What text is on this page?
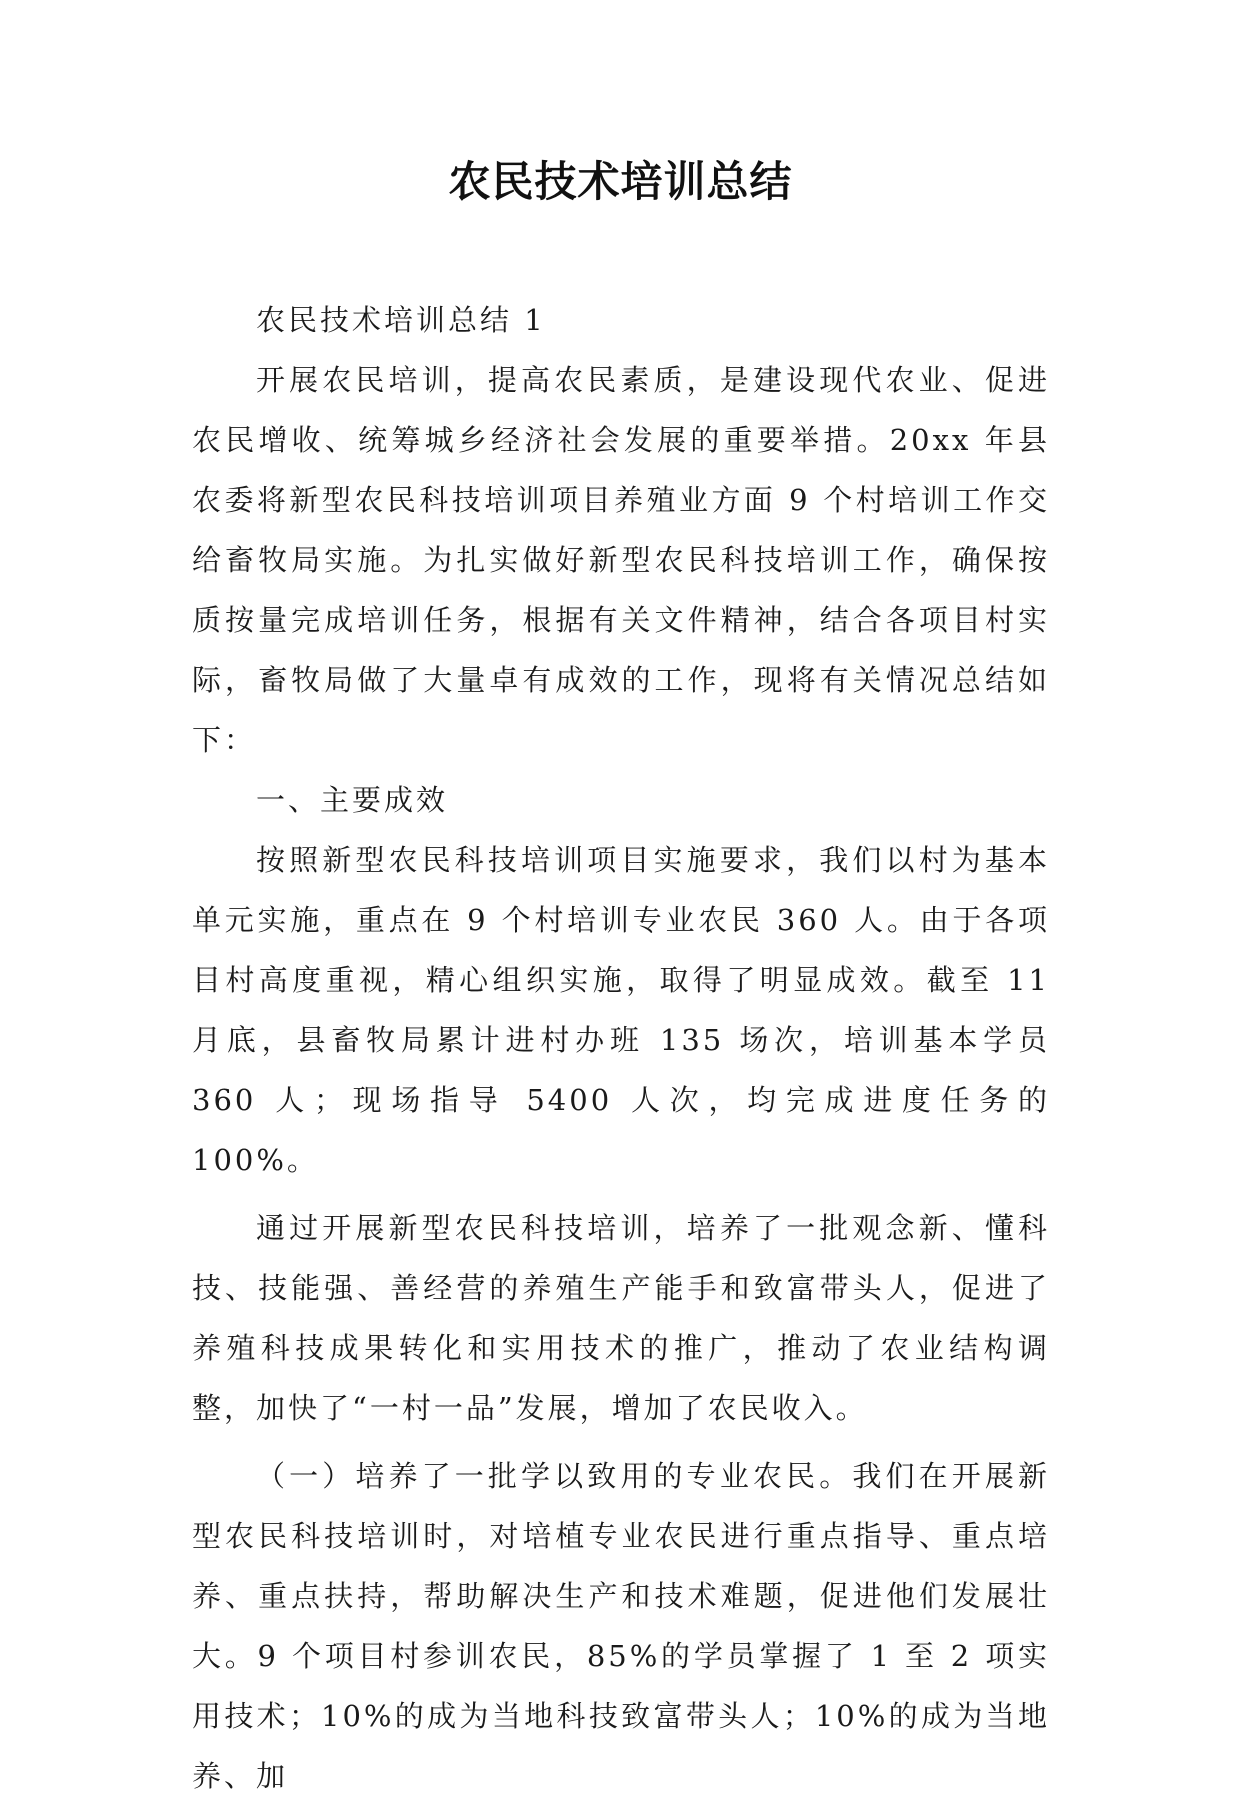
农民技术培训总结

农民技术培训总结 1

开展农民培训，提高农民素质，是建设现代农业、促进农民增收、统筹城乡经济社会发展的重要举措。20xx 年县农委将新型农民科技培训项目养殖业方面 9 个村培训工作交给畜牧局实施。为扎实做好新型农民科技培训工作，确保按质按量完成培训任务，根据有关文件精神，结合各项目村实际，畜牧局做了大量卓有成效的工作，现将有关情况总结如下：

一、主要成效

按照新型农民科技培训项目实施要求，我们以村为基本单元实施，重点在 9 个村培训专业农民 360 人。由于各项目村高度重视，精心组织实施，取得了明显成效。截至 11 月底，县畜牧局累计进村办班 135 场次，培训基本学员 360 人；现场指导 5400 人次，均完成进度任务的 100%。

通过开展新型农民科技培训，培养了一批观念新、懂科技、技能强、善经营的养殖生产能手和致富带头人，促进了养殖科技成果转化和实用技术的推广，推动了农业结构调整，加快了“一村一品”发展，增加了农民收入。

（一）培养了一批学以致用的专业农民。我们在开展新型农民科技培训时，对培植专业农民进行重点指导、重点培养、重点扶持，帮助解决生产和技术难题，促进他们发展壮大。9 个项目村参训农民，85%的学员掌握了 1 至 2 项实用技术；10%的成为当地科技致富带头人；10%的成为当地养、加
